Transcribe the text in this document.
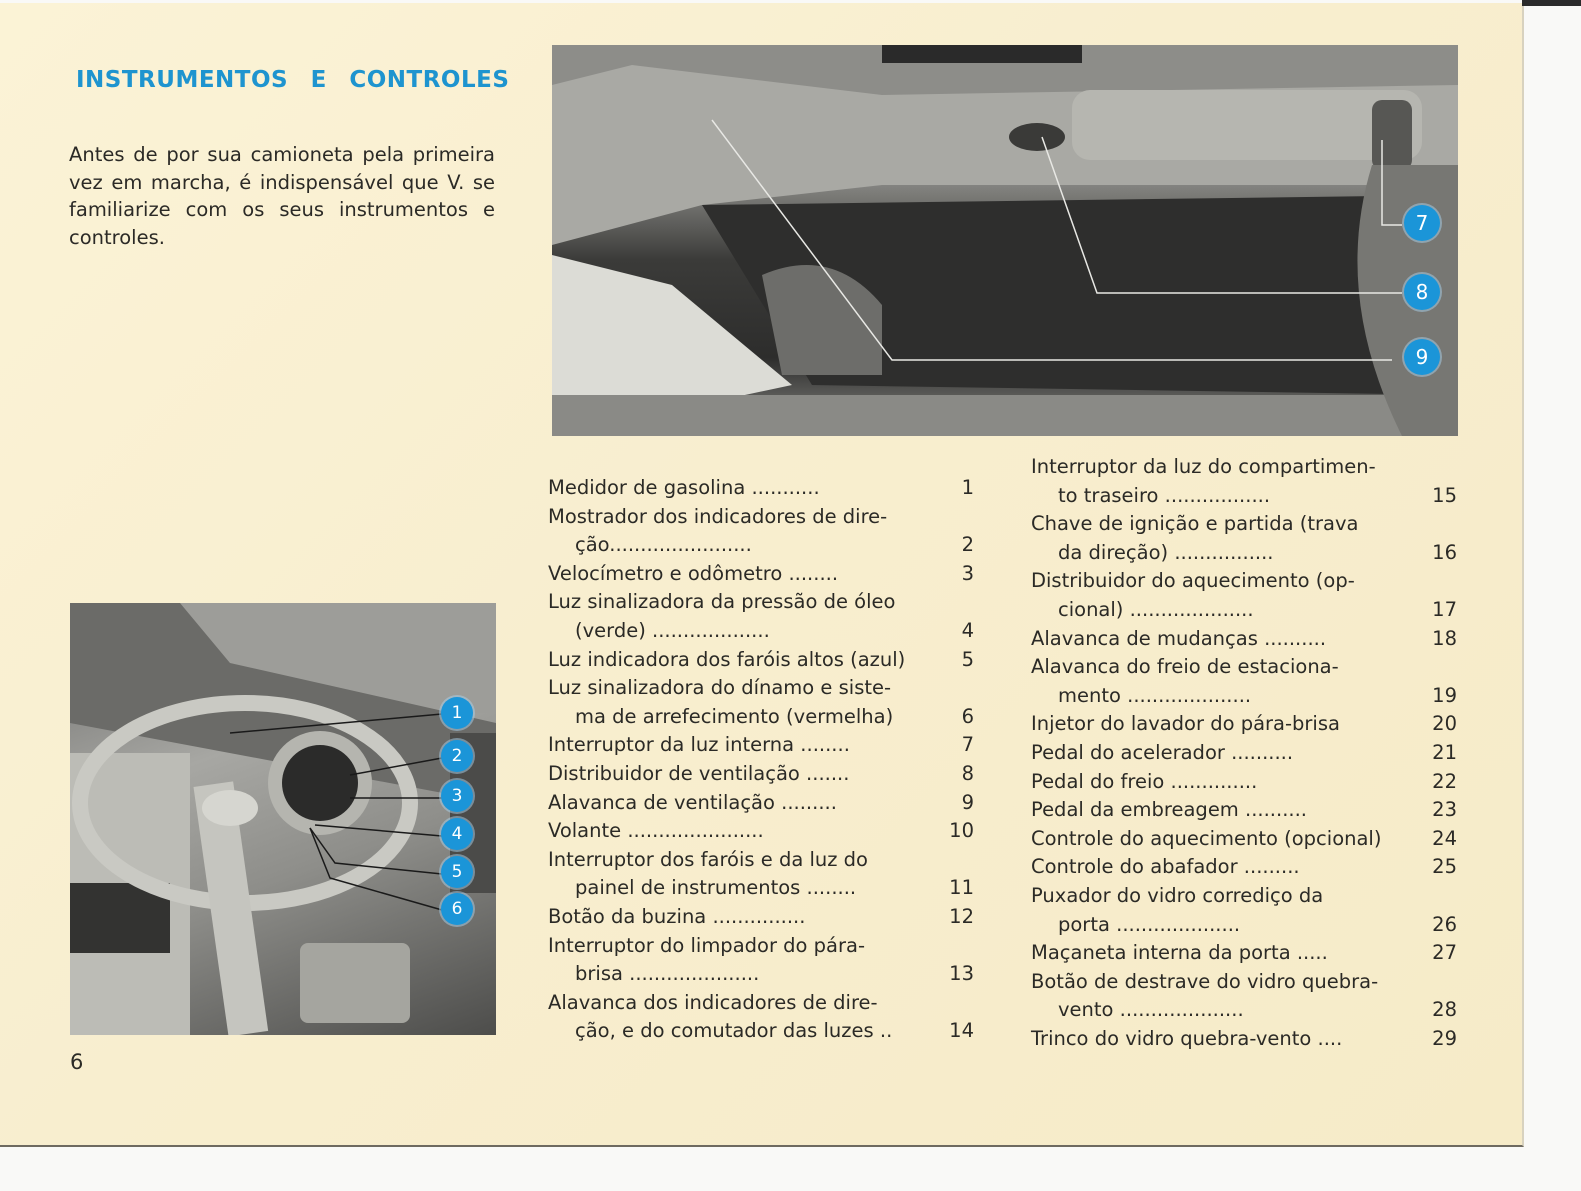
INSTRUMENTOS E CONTROLES

Antes de por sua camioneta pela primeira vez em marcha, é indispensável que V. se familiarize com os seus instrumentos e controles.

7
8
9
1
2
3
4
5
6
Medidor de gasolina ...........	1
Mostrador dos indicadores de dire-
ção.......................	2
Velocímetro e odômetro ........	3
Luz sinalizadora da pressão de óleo
(verde) ...................	4
Luz indicadora dos faróis altos (azul)	5
Luz sinalizadora do dínamo e siste-
ma de arrefecimento (vermelha)	6
Interruptor da luz interna ........	7
Distribuidor de ventilação .......	8
Alavanca de ventilação .........	9
Volante ......................	10
Interruptor dos faróis e da luz do
painel de instrumentos ........	11
Botão da buzina ...............	12
Interruptor do limpador do pára-
brisa .....................	13
Alavanca dos indicadores de dire-
ção, e do comutador das luzes ..	14
Interruptor da luz do compartimen-
to traseiro .................	15
Chave de ignição e partida (trava
da direção) ................	16
Distribuidor do aquecimento (op-
cional) ....................	17
Alavanca de mudanças ..........	18
Alavanca do freio de estaciona-
mento ....................	19
Injetor do lavador do pára-brisa	20
Pedal do acelerador ..........	21
Pedal do freio ..............	22
Pedal da embreagem ..........	23
Controle do aquecimento (opcional)	24
Controle do abafador .........	25
Puxador do vidro corrediço da
porta ....................	26
Maçaneta interna da porta .....	27
Botão de destrave do vidro quebra-
vento ....................	28
Trinco do vidro quebra-vento ....	29
6
